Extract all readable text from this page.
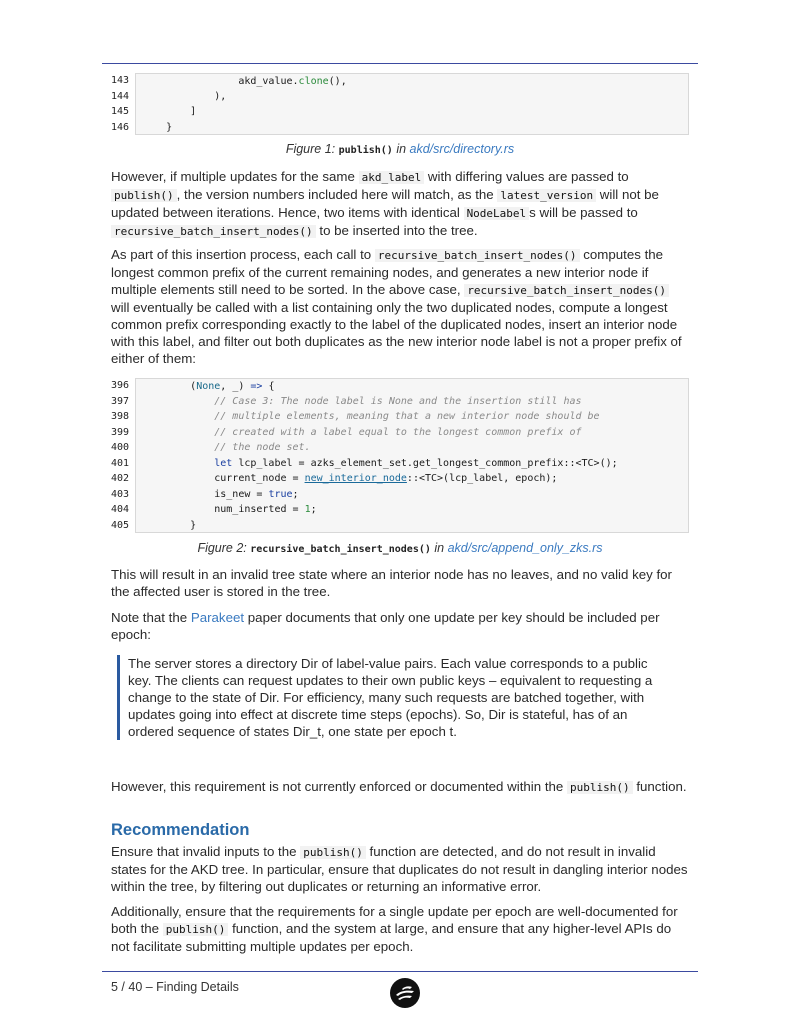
143	akd_value.clone(),
144	),
145	]
146	}
Figure 1: publish() in akd/src/directory.rs
However, if multiple updates for the same akd_label with differing values are passed to publish() , the version numbers included here will match, as the latest_version will not be updated between iterations. Hence, two items with identical NodeLabel s will be passed to recursive_batch_insert_nodes() to be inserted into the tree.
As part of this insertion process, each call to recursive_batch_insert_nodes() computes the longest common prefix of the current remaining nodes, and generates a new interior node if multiple elements still need to be sorted. In the above case, recursive_batch_insert_nodes() will eventually be called with a list containing only the two duplicated nodes, compute a longest common prefix corresponding exactly to the label of the duplicated nodes, insert an interior node with this label, and filter out both duplicates as the new interior node label is not a proper prefix of either of them:
396	(None, _) => {
397	// Case 3: The node label is None and the insertion still has
398	// multiple elements, meaning that a new interior node should be
399	// created with a label equal to the longest common prefix of
400	// the node set.
401	let lcp_label = azks_element_set.get_longest_common_prefix::<TC>();
402	current_node = new_interior_node::<TC>(lcp_label, epoch);
403	is_new = true;
404	num_inserted = 1;
405	}
Figure 2: recursive_batch_insert_nodes() in akd/src/append_only_zks.rs
This will result in an invalid tree state where an interior node has no leaves, and no valid key for the affected user is stored in the tree.
Note that the Parakeet paper documents that only one update per key should be included per epoch:
The server stores a directory Dir of label-value pairs. Each value corresponds to a public key. The clients can request updates to their own public keys – equivalent to requesting a change to the state of Dir. For efficiency, many such requests are batched together, with updates going into effect at discrete time steps (epochs). So, Dir is stateful, has of an ordered sequence of states Dir_t, one state per epoch t.
However, this requirement is not currently enforced or documented within the publish() function.
Recommendation
Ensure that invalid inputs to the publish() function are detected, and do not result in invalid states for the AKD tree. In particular, ensure that duplicates do not result in dangling interior nodes within the tree, by filtering out duplicates or returning an informative error.
Additionally, ensure that the requirements for a single update per epoch are well-documented for both the publish() function, and the system at large, and ensure that any higher-level APIs do not facilitate submitting multiple updates per epoch.
5 / 40 – Finding Details
